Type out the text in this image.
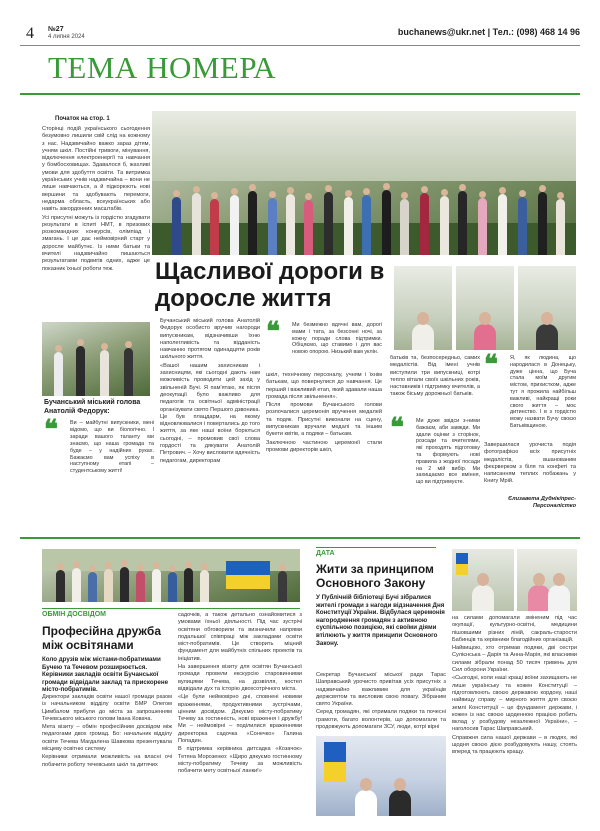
4 №27
4 липня 2024	buchanews@ukr.net | Тел.: (098) 468 14 96
ТЕМА НОМЕРА
Початок на стор. 1

Сторінці подій українського сьогодення безумовно лишили свій слід на кожному з нас. Надзвичайно важко зараз дітям, учням шкіл. Постійні тривоги, мінування, відключення електроенергії та навчання у бомбосховищах. Здавалося б, жахливі умови для здобуття освіти. Та витримка українських учнів надзвичайна – вони не лише навчаються, а й підкорюють нові вершини та здобувають перемоги, недарма область, всеукраїнських або навіть закордонних масштабів.

Усі присутні можуть із гордістю згадувати результати в іспиті НМТ, в призових розкомандних конкурсів, олімпіад і змагань. І це дає неймовірний старт у доросле майбутнє. Із ними батьки та вчителі надзвичайно пишаються результатами подвигів одних, адже це показник їхньої роботи теж.	Щасливої дороги в доросле життя
Бучанський міський голова Анатолій Федорук:
❝ Ви – майбутні випускники, мені відомо, що ви біологічно. І заради вашого таланту ми знаємо, що наша громада та буде – у надійних руках. Бажаємо вам успіху в наступному етапі – студентському житті!

Бучанський міський голова Анатолій Федорук особисто вручив нагороди випускникам, відзначивши їхню наполегливість та відданість навчанню протягом одинадцяти років шкільного життя.

«Вашої нашим захисникам і захисницям, які сьогодні дають нам можливість проводити цей захід у звільненій Бучі. Я пам'ятаю, як після деокупації було важливо для педагогів та освітньої адміністрації організувати свято Першого дзвоника. Це був плацдарм, на якому відновлювалися і повертались до того життя, за яке наші воїни борються сьогодні, – промовив свої слова гордості та дякувати Анатолій Петрович. – Хочу висловити вдячність педагогам, директорам

❝ Ми безмежно вдячні вам, дорогі мами і тата, за безсонні ночі, за кожну поради слова підтримки. Обіцяємо, що ставимо і для вас новою опорою. Низький вам уклін.

шкіл, технічному персоналу, учням і їхнім батькам, що повернулися до навчання. Це перший і важливий етап, який здавали наша громада після звільнення».

Після промови Бучанського голови розпочалися церемонія вручення медалей та подяк. Присутні виконали на сцену, випускникам вручали медалі та іншим букети квітів, а подяки – батькам.

Заключною частиною церемонії стали промови директорів шкіл,

батьків та, безпосередньо, самих медалістів. Від імені учнів виступили три випускниці, котрі тепло вітали своїх шкільних років, наставників і підтримку вчителів, а також бісьму дорожньої батьків.

❝ Ми дуже звідси з-ними бажаєм, аби завжди. Ми здали оцінки з сторінок, розсади та вчителями, які проходять підготовку та формують нові правила з жодної посади на 2 мій вибір. Ми захищаємо все вміння, що ви підтримуєте.
❝ Я, як людина, що народилася в Донецьку, дуже цінна, що Буча стала моїм другим містом, прихистком, адже тут я прожила найбільш важливі, найкращі роки свого життя – моє дитинство. І в з гордістю можу назвати Бучу своєю Батьківщиною.
Завершилася урочиста подія фотографією всіх присутніх медалістів, вшанованим феєрверком з біля та конфеті та написанням теплих побажань у Книгу Мрій.
Єлизавета Дуднік/прес-Персоналістко
ОБМІН ДОСВІДОМ
Професійна дружба між освітянами
Коло друзів між містами-побратимами Бучею та Течевом розширюється. Керівники закладів освіти Бучанської громади відвідали заклад та прискорене місто-побратимів.

Директори закладів освіти нашої громади разом із начальником відділу освіти БМР Олегом Цимбалом прибули до міста за запрошенням Течевського міського голови Івана Ковача.

Мета візиту – обмін професійним досвідом між педагогами двох громад. Бо: начальник відділу освіти Течева Магдалена Шавкова презентувала місцеву освітню систему

Керівники отримали можливість на власні очі побачити роботу течевських шкіл та дитячих

садочків, а також детально ознайомитися з умовами їхньої діяльності. Під час зустрічі освітяни обговорили та визначили напрями подальшої співпраці між закладами освіти міст-побратимів. Це створить міцний фундамент для майбутніх спільних проектів та ініціатив.

На завершення візиту для освітян Бучанської громади провели екскурсію старовинними вулицями Течева, на дозвілля, костел відвідали дух та історію двохсотрічного міста.

«Це були неймовірно дні, сповнені новими враженнями, продуктивними зустрічами, цінним досвідом. Дякуємо місту-побратиму Течеву за гостинність, нові враження і дружбу! Ми – неймовірні – поділилися враженнями директорка садочка «Сонечко» Галина Попадин.

В підтримка керівника дитсадка «Козачок» Тетяна Морозенко: «Щиро дякуємо гостинному місту-побратиму Течеву за можливість побачити мету освітньої ланки!»

ДАТА
Жити за принципом Основного Закону
У Публічній бібліотеці Бучі зібралися жителі громади з нагоди відзначення Дня Конституції України. Відбулася церемонія нагородження громадян з активною суспільною позицією, які своїми діями втілюють у життя принципи Основного Закону.

Секретар Бучанської міської ради Тарас Шаправський урочисто привітав усіх присутніх з надзвичайно важливим для українців держсвятом та висловив свою повагу. Зібраним свято України.

Серед громадян, які отримали подяки та почесні грамоти, багато волонтерів, що допомагали та продовжують допомагати ЗСУ, люди, котрі вірні

на силами допомагали зміненим під час окупації, культурно-освітні, медицини пішовшими різних ліній, сакраль-старости Бабинців та керівники благодійних організацій.

Найвищою, хто отримав подяки, дві сестри Сулієнська – Дарія та Анна-Марія, які власними силами зібрали понад 50 тисяч гривень для Сил оборони України.

«Сьогодні, коли наші кращі воїни захищають не лише українську та кожен Конституції – підготовлюють своєю державою кордону, наші найвищу справу – мирного життя для своєю землі Конституції – це фундамент держави, і кожен із нас своєю щоденною працією робить вклад у розбудову незалежної України», – наголосив Тарас Шаправський.

Справжня сила нашої держави – в людях, які щодня своєю дією розбудовують нашу, стоять вперед та працюють кращу.
